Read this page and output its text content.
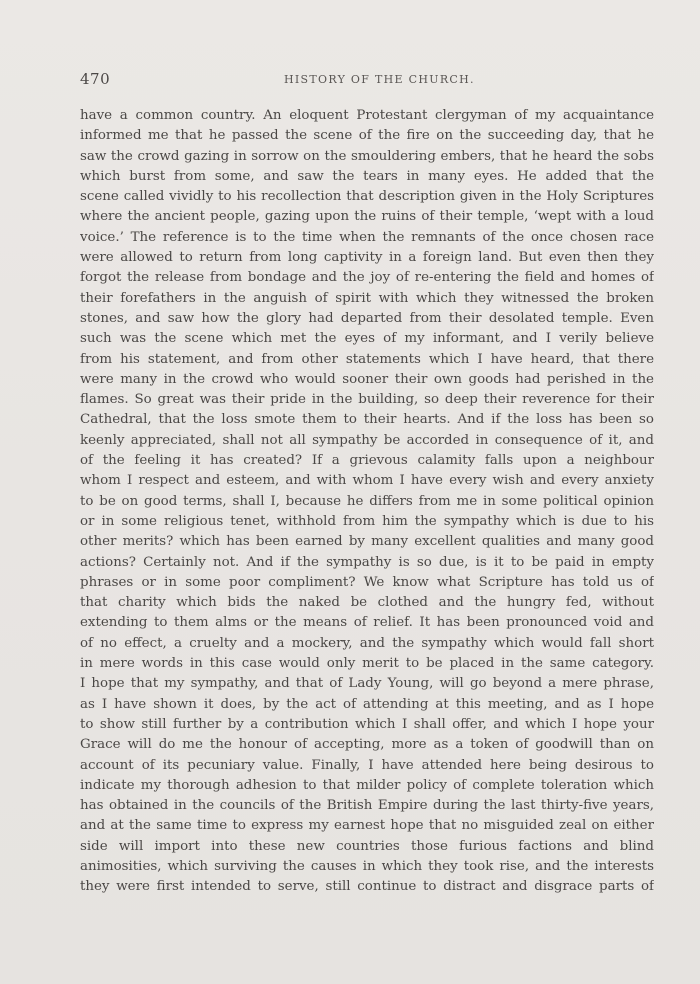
470	HISTORY OF THE CHURCH.
have a common country. An eloquent Protestant clergyman of my acquaintance
informed me that he passed the scene of the fire on the succeeding day, that he
saw the crowd gazing in sorrow on the smouldering embers, that he heard the sobs
which burst from some, and saw the tears in many eyes. He added that the
scene called vividly to his recollection that description given in the Holy Scriptures
where the ancient people, gazing upon the ruins of their temple, ‘wept with a loud
voice.’ The reference is to the time when the remnants of the once chosen race
were allowed to return from long captivity in a foreign land. But even then they
forgot the release from bondage and the joy of re-entering the field and homes of
their forefathers in the anguish of spirit with which they witnessed the broken
stones, and saw how the glory had departed from their desolated temple. Even
such was the scene which met the eyes of my informant, and I verily believe
from his statement, and from other statements which I have heard, that there
were many in the crowd who would sooner their own goods had perished in the
flames. So great was their pride in the building, so deep their reverence for their
Cathedral, that the loss smote them to their hearts. And if the loss has been so
keenly appreciated, shall not all sympathy be accorded in consequence of it, and
of the feeling it has created? If a grievous calamity falls upon a neighbour
whom I respect and esteem, and with whom I have every wish and every anxiety
to be on good terms, shall I, because he differs from me in some political opinion
or in some religious tenet, withhold from him the sympathy which is due to his
other merits? which has been earned by many excellent qualities and many good
actions? Certainly not. And if the sympathy is so due, is it to be paid in empty
phrases or in some poor compliment? We know what Scripture has told us of
that charity which bids the naked be clothed and the hungry fed, without
extending to them alms or the means of relief. It has been pronounced void and
of no effect, a cruelty and a mockery, and the sympathy which would fall short
in mere words in this case would only merit to be placed in the same category.
I hope that my sympathy, and that of Lady Young, will go beyond a mere phrase,
as I have shown it does, by the act of attending at this meeting, and as I hope
to show still further by a contribution which I shall offer, and which I hope your
Grace will do me the honour of accepting, more as a token of goodwill than on
account of its pecuniary value. Finally, I have attended here being desirous to
indicate my thorough adhesion to that milder policy of complete toleration which
has obtained in the councils of the British Empire during the last thirty-five years,
and at the same time to express my earnest hope that no misguided zeal on either
side will import into these new countries those furious factions and blind
animosities, which surviving the causes in which they took rise, and the interests
they were first intended to serve, still continue to distract and disgrace parts of
